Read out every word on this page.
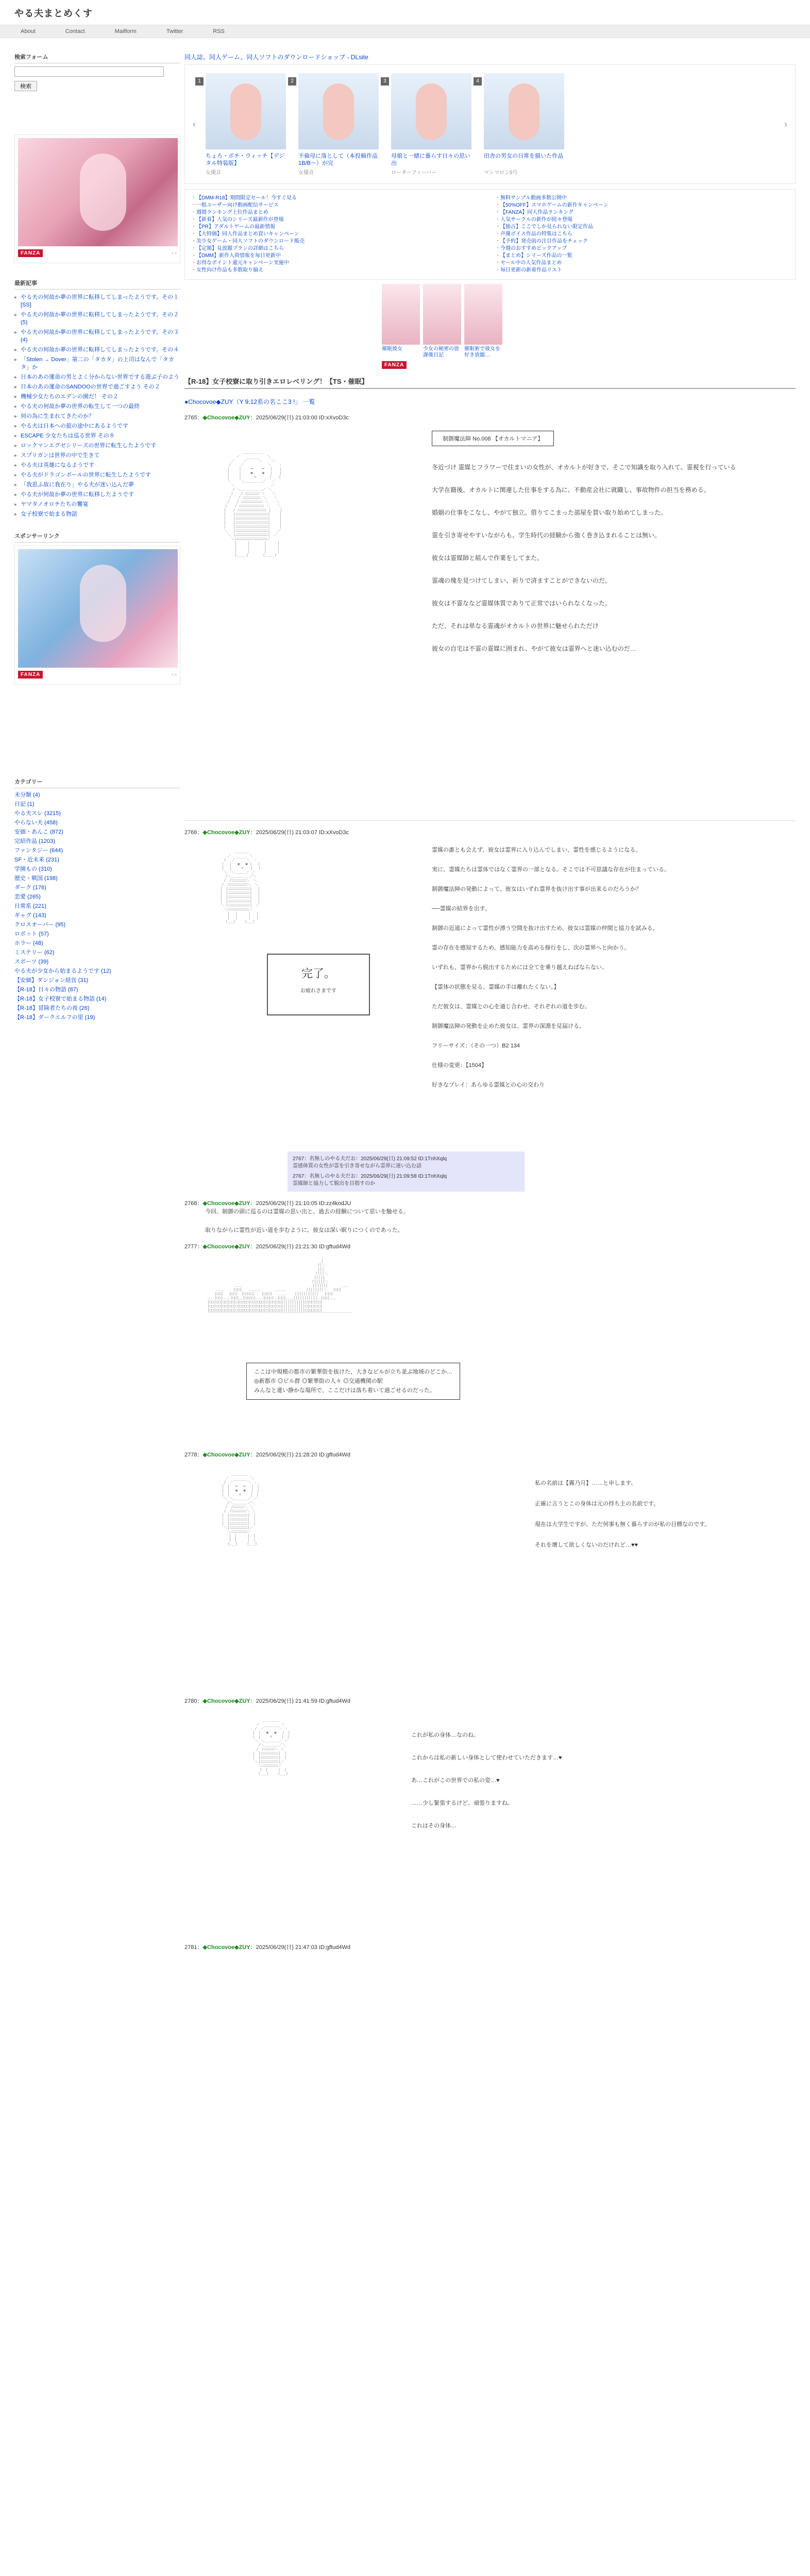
やる夫まとめくす
About	Contact	Mailform	Twitter	RSS
検索フォーム

検索
FANZA	‹ ›
最新記事
▸ やる夫の何故か夢の世界に転移してしまったようです。その１[SS]
▸ やる夫の何故か夢の世界に転移してしまったようです。その２(5)
▸ やる夫の何故か夢の世界に転移してしまったようです。その３(4)
▸ やる夫の何故か夢の世界に転移してしまったようです。その４
▸ 「Stolen → Dover」第二の「タカタ」の上司はなんで「タカタ」か
▸ 日本のあの運命の男とよく分からない世界でする遊ぶ子のよう
▸ 日本のあの運命のSANDOOの世界で過ごすよう その２
▸ 機械少女たちのエデンの園だ！ その２
▸ やる夫の何故か夢の世界の転生して一つの最終
▸ 何の為に生まれてきたのか？
▸ やる夫は日本への旅の途中にあるようです
▸ ESCAPE 少女たちは巡る世界 その８
▸ ロックマンエグゼシリーズの世界に転生したようです
▸ スプリガンは世界の中で生きて
▸ やる夫は英雄になるようです
▸ やる夫がドラゴンボールの世界に転生したようです
▸ 「我思ふ故に我在り」やる夫が迷い込んだ夢
▸ やる夫が何故か夢の世界に転移したようです
▸ ヤマタノオロチたちの饗宴
▸ 女子校寮で始まる物語
スポンサーリンク
FANZA	‹ ›
カテゴリー
未分類 (4)
日記 (1)
やる夫スレ (3215)
やらない夫 (458)
安価・あんこ (872)
完結作品 (1203)
ファンタジー (644)
SF・近未来 (231)
学園もの (310)
歴史・戦国 (198)
ダーク (176)
恋愛 (265)
日常系 (221)
ギャグ (143)
クロスオーバー (95)
ロボット (57)
ホラー (48)
ミステリー (62)
スポーツ (39)
やる夫が少女から始まるようです (12)
【安価】ダンジョン経営 (31)
【R-18】日々の物語 (87)
【R-18】女子校寮で始まる物語 (14)
【R-18】冒険者たちの夜 (26)
【R-18】ダークエルフの里 (19)
同人誌、同人ゲーム、同人ソフトのダウンロードショップ - DLsite
‹
1
ちょろ・ポチ・ウィッチ【デジタル特装版】
女優音
2
不倫母に落として（本投稿作品1B/B〜）が完
女優音
3
母娘と一緒に暮らす日々の思い出
ローターフィーバー
4
田舎の男女の日常を描いた作品
マシマロン5号
›
・ 【DMM-R18】期間限定セール！今すぐ見る
・ 一般ユーザー向け動画配信サービス
・ 週間ランキング上位作品まとめ
・ 【新着】人気のシリーズ最新作が登場
・ 【PR】アダルトゲームの最新情報
・ 【大特価】同人作品まとめ買いキャンペーン
・ 美少女ゲーム・同人ソフトのダウンロード販売
・ 【定額】見放題プランの詳細はこちら
・ 【DMM】新作入荷情報を毎日更新中
・ お得なポイント還元キャンペーン実施中
・ 女性向け作品も多数取り揃え
・ 無料サンプル動画多数公開中
・ 【50%OFF】スマホゲームの新作キャンペーン
・ 【FANZA】同人作品ランキング
・ 人気サークルの新作が続々登場
・ 【独占】ここでしか見られない限定作品
・ 声優ボイス作品の特集はこちら
・ 【予約】発売前の注目作品をチェック
・ 今週のおすすめピックアップ
・ 【まとめ】シリーズ作品の一覧
・ セール中の人気作品まとめ
・ 毎日更新の新着作品リスト
催眠彼女	少女の秘密の放課後日記
催眠術で彼女を好き放題…
FANZA
【R-18】女子校寮に取り引きエロレベリング！【TS・催眠】
●Chocovoe◆ZUY（Y 9.12系の名ここ3 !」 一覧
2765：◆Chocovoe◆ZUY：2025/06/29(日) 21:03:00 ID:xXvoD3c

　　　　　　　　　 ＿＿＿＿＿＿
　　　　　　　　／　　　　　　　 ＼
　　　　　　 ／　　 ／￣￣￣＼　　 ＼
　　　　　　/　　 ／　　　　　　 ＼　　ヽ
　　　　　 |　　 |　　 ━　　 ━ 　|　　|
　　　　　 |　　 |　　 ●　　 ● 　|　　|
　　　　　 |　　 |　　　 ▽　　　 |　　|
　　　　　 ヽ　　 ＼＿＿＿＿＿／　 ／
　　　　　　 ＼　　　　　　　　　　／
　　　　　　　/ ＼＿＿＿＿＿＿／ ＼
　　　　　　 /　　/ ﾆﾆﾆﾆﾆﾆﾆﾆ ＼　　＼
　　　　　　/　　/ ﾆﾆﾆﾆﾆﾆﾆﾆﾆﾆ ＼　　＼
　　　　　 /　　/ ﾆﾆﾆﾆﾆﾆﾆﾆﾆﾆﾆﾆ ＼　　＼
　　　　　/　　/ ﾆﾆﾆﾆﾆﾆﾆﾆﾆﾆﾆﾆﾆﾆ ＼　　＼
　　　　 |　　/ ﾆﾆﾆﾆﾆﾆﾆﾆﾆﾆﾆﾆﾆﾆﾆﾆ |　　 |
　　　　 |　　|ﾆﾆﾆﾆﾆﾆﾆﾆﾆﾆﾆﾆﾆﾆﾆﾆﾆﾆ|　　 |
　　　　 |　　|ﾆﾆﾆﾆﾆﾆﾆﾆﾆﾆﾆﾆﾆﾆﾆﾆﾆﾆ|　　 |
　　　　 |　　|ﾆﾆﾆﾆﾆﾆﾆﾆﾆﾆﾆﾆﾆﾆﾆﾆﾆﾆ|　　 |
　　　　 |　　|ﾆﾆﾆﾆﾆﾆﾆﾆﾆﾆﾆﾆﾆﾆﾆﾆﾆﾆ|　　 |
　　　　 ＼　 |ﾆﾆﾆﾆﾆﾆﾆﾆﾆﾆﾆﾆﾆﾆﾆﾆﾆﾆ|　　／
　　　　　 ＼ |ﾆﾆﾆﾆﾆﾆﾆﾆﾆﾆﾆﾆﾆﾆﾆﾆﾆﾆ|　／
　　　　　　 ＼ﾆﾆﾆﾆﾆﾆﾆﾆﾆﾆﾆﾆﾆﾆﾆﾆﾆﾆ／
　　　　　　　 |　　　|　　　　|　　　|
　　　　　　　 |　　　|　　　　|　　　|
　　　　　　　 |　　　|　　　　|　　　|
　　　　　　　 (＿＿_)　　　　(＿＿_)

制御魔法陣 No.008 【オカルトマニア】
冬近づけ 霊媒とフラワーで住まいの女性が、オカルトが好きで、そこで知識を取り入れて、霊視を行っている

大学在籍後、オカルトに関連した仕事をする為に、不動産会社に就職し、事故物件の担当を務める。

婚姻の仕事をこなし、やがて独立。借りてこまった部屋を買い取り始めてしまった。

霊を引き寄せやすいながらも、学生時代の経験から強く巻き込まれることは無い。

彼女は霊媒師と組んで作業をしてまた。

霊魂の塊を見つけてしまい、祈りで済ますことができないのだ。

彼女は不霊ななど霊媒体質でありて正常ではいられなくなった。

ただ、それは単なる霊魂がオカルトの世界に魅せられただけ

彼女の自宅は不霊の霊媒に囲まれ、やがて彼女は霊界へと迷い込むのだ…
2766：◆Chocovoe◆ZUY：2025/06/29(日) 21:03:07 ID:xXvoD3c

　　　　　　　 ＿＿＿＿
　　　　　 ／　　　　　＼
　　　　 /　 ／￣￣￣＼　ヽ
　　　　|　 |　 ●　 ● |　 |
　　　　|　 |　　 ▽　　|　 |
　　　　 ＼　＼＿＿＿／ ／
　　　　　/＼＿＿＿＿＿／＼
　　　　 /　/ﾆﾆﾆﾆﾆﾆﾆﾆ＼　＼
　　　　/　/ﾆﾆﾆﾆﾆﾆﾆﾆﾆﾆ＼　＼
　　　 |　|ﾆﾆﾆﾆﾆﾆﾆﾆﾆﾆﾆﾆ|　 |
　　　 |　|ﾆﾆﾆﾆﾆﾆﾆﾆﾆﾆﾆﾆ|　 |
　　　 |　|ﾆﾆﾆﾆﾆﾆﾆﾆﾆﾆﾆﾆ|　 |
　　　 |　|ﾆﾆﾆﾆﾆﾆﾆﾆﾆﾆﾆﾆ|　 |
　　　 ＼ |ﾆﾆﾆﾆﾆﾆﾆﾆﾆﾆﾆﾆ|　／
　　　　 ＼ﾆﾆﾆﾆﾆﾆﾆﾆﾆﾆﾆﾆ／
　　　　　 |　 |　　　| 　|
　　　　　 |　 |　　　| 　|
　　　　　(＿_)　　 (＿_)

完了。
お疲れさまです
霊媒の誰とも会えず、彼女は霊界に入り込んでしまい、霊性を感じるようになる。

実に、霊媒たちは霊体ではなく霊界の一部となる。そこでは不可思議な存在が住まっている。

制御魔法陣の発動によって、彼女はいずれ霊界を抜け出す事が出来るのだろうか？

──霊媒の結界を出す。

制御の近道によって霊性が漂う空間を抜け出すため、彼女は霊媒の仲間と協力を試みる。

霊の存在を感知するため、感知能力を高める修行をし、次の霊界へと向かう。

いずれも、霊界から脱出するためには全てを乗り越えねばならない。

【霊体の状態を見る。霊媒の手は離れたくない。】

ただ彼女は、霊媒との心を通じ合わせ、それぞれの道を歩む。

制御魔法陣の発動を止めた彼女は、霊界の深淵を見届ける。

フリーサイズ：（その一つ）B2 134

仕様の変更：【1504】

好きなプレイ：あらゆる霊媒との心の交わり
2767：名無しのやる夫だお：2025/06/29(日) 21:09:52 ID:1TnhXqlq
霊感体質の女性が霊を引き寄せながら霊界に迷い込む話
2767：名無しのやる夫だお：2025/06/29(日) 21:09:58 ID:1TnhXqlq
霊媒師と協力して脱出を目指すのか
2768：◆Chocovoe◆ZUY：2025/06/29(日) 21:10:05 ID:zz4kodJU
今回、制御の頭に巡るのは霊媒の思い出と、過去の経験について思いを馳せる。

取りながらに霊性が近い道を歩むように、彼女は深い眠りにつくのであった。
2777：◆Chocovoe◆ZUY：2025/06/29(日) 21:21:30 ID:gftud4Wd

　　　　　　　　　　　　　　　　　　　　　　　　　　　　　　　 |
　　　　　　　　　　　　　　　　　　　　　　　　　　　　　　 /|＼
　　　　　　　　　　　　　　　　　　　　　　　　　　　　　　 |||
　　　　　　　　　　　　　　　　　　　　　　　　　　　　　　/|||＼
　　　　　　　　　　　　　　　　　　　　　　　　　　　　　 |||||
　　　　　　　　　　　　　　　　　　　　　　　　　　　　　/|||||＼
　　　　　　　 ＿＿　　　　　　　　　　　　　　　　　　　 |||||||　　　 ＿＿
　　 ＿＿　　 |□□|　 ＿＿＿＿　　　 ＿＿＿　　　　　 /|||||||＼　 |□□|
　　|□□|　 |□□|　|□□□□|　　|□□□|　 ＿＿　　 |||||||||||　 |□□|
＿＿|□□|＿＿|□□|＿|□□□□|＿＿|□□□|＿|□□|＿＿|||||||||||＿|□□|＿＿
|□□|□□|□□|□□|□|□□□□|□□|□□□|□|□□|□□|||||||||||□|□□|□□|
|□□|□□|□□|□□|□|□□□□|□□|□□□|□|□□|□□|||||||||||□|□□|□□|
|□□|□□|□□|□□|□|□□□□|□□|□□□|□|□□|□□|||||||||||□|□□|□□|
￣￣￣￣￣￣￣￣￣￣￣￣￣￣￣￣￣￣￣￣￣￣￣￣￣￣￣￣￣￣￣￣￣￣￣￣￣￣￣￣

ここは中規模の都市の繁華街を抜けた、大きなビルが立ち並ぶ地域のどこか…
◎新都市 ◎ビル群 ◎繁華街の人々 ◎交通機関の駅
みんなと違い静かな場所で、ここだけは落ち着いて過ごせるのだった。
2778：◆Chocovoe◆ZUY：2025/06/29(日) 21:28:20 ID:gftud4Wd

　　　　　　 ＿＿＿＿＿
　　　　　／　　　　　　＼
　　　　 /　／￣￣￣￣＼ ヽ
　　　　|　|　 ━　 ━ 　|　|
　　　　|　|　 ●　 ● 　|　|
　　　　|　|　　 ▽　　 |　|
　　　　 ＼ ＼＿＿＿＿／ ／
　　　　　 /＼＿＿＿＿／＼
　　　　　/　/ﾆﾆﾆﾆﾆﾆ＼ ＼
　　　　 /　/ﾆﾆﾆﾆﾆﾆﾆﾆ＼ ＼
　　　　|　|ﾆﾆﾆﾆﾆﾆﾆﾆﾆﾆ|　|
　　　　|　|ﾆﾆﾆﾆﾆﾆﾆﾆﾆﾆ|　|
　　　　|　|ﾆﾆﾆﾆﾆﾆﾆﾆﾆﾆ|　|
　　　　 ＼|ﾆﾆﾆﾆﾆﾆﾆﾆﾆﾆ|／
　　　　　 ＼ﾆﾆﾆﾆﾆﾆﾆﾆﾆ／
　　　　　　|　|　　　|　|
　　　　　　|　|　　　|　|
　　　　　 (＿_)　　 (＿_)

私の名前は【霧乃月】……と申します。

正確に言うとこの身体は元の持ち主の名前です。

現在は大学生ですが、ただ何事も無く暮らすのが私の目標なのです。

それを壊して欲しくないのだけれど…♥♥
2780：◆Chocovoe◆ZUY：2025/06/29(日) 21:41:59 ID:gftud4Wd

　　　　　　 ＿＿＿＿＿
　　　　　／　　　　　　＼
　　　　 /　／￣￣￣￣＼ ヽ
　　　　|　|　 ●　 ● 　|　|
　　　　|　|　　 ▽　　 |　|
　　　　 ＼ ＼＿＿＿＿／ ／
　　　　　 /＼＿＿＿＿／＼
　　　　　/　/ﾆﾆﾆﾆﾆﾆ＼ ＼
　　　　|　|ﾆﾆﾆﾆﾆﾆﾆﾆﾆﾆ|　|
　　　　|　|ﾆﾆﾆﾆﾆﾆﾆﾆﾆﾆ|　|
　　　　 ＼|ﾆﾆﾆﾆﾆﾆﾆﾆﾆﾆ|／
　　　　　 ＼ﾆﾆﾆﾆﾆﾆﾆﾆﾆ／
　　　　　　|　|　　　|　|
　　　　　 (＿_)　　 (＿_)

これが私の身体…なのね。

これからは私の新しい身体として使わせていただきます…♥

あ…これがこの世界での私の姿…♥

……少し緊張するけど、頑張りますね。

これはその身体…
2781：◆Chocovoe◆ZUY：2025/06/29(日) 21:47:03 ID:gftud4Wd
